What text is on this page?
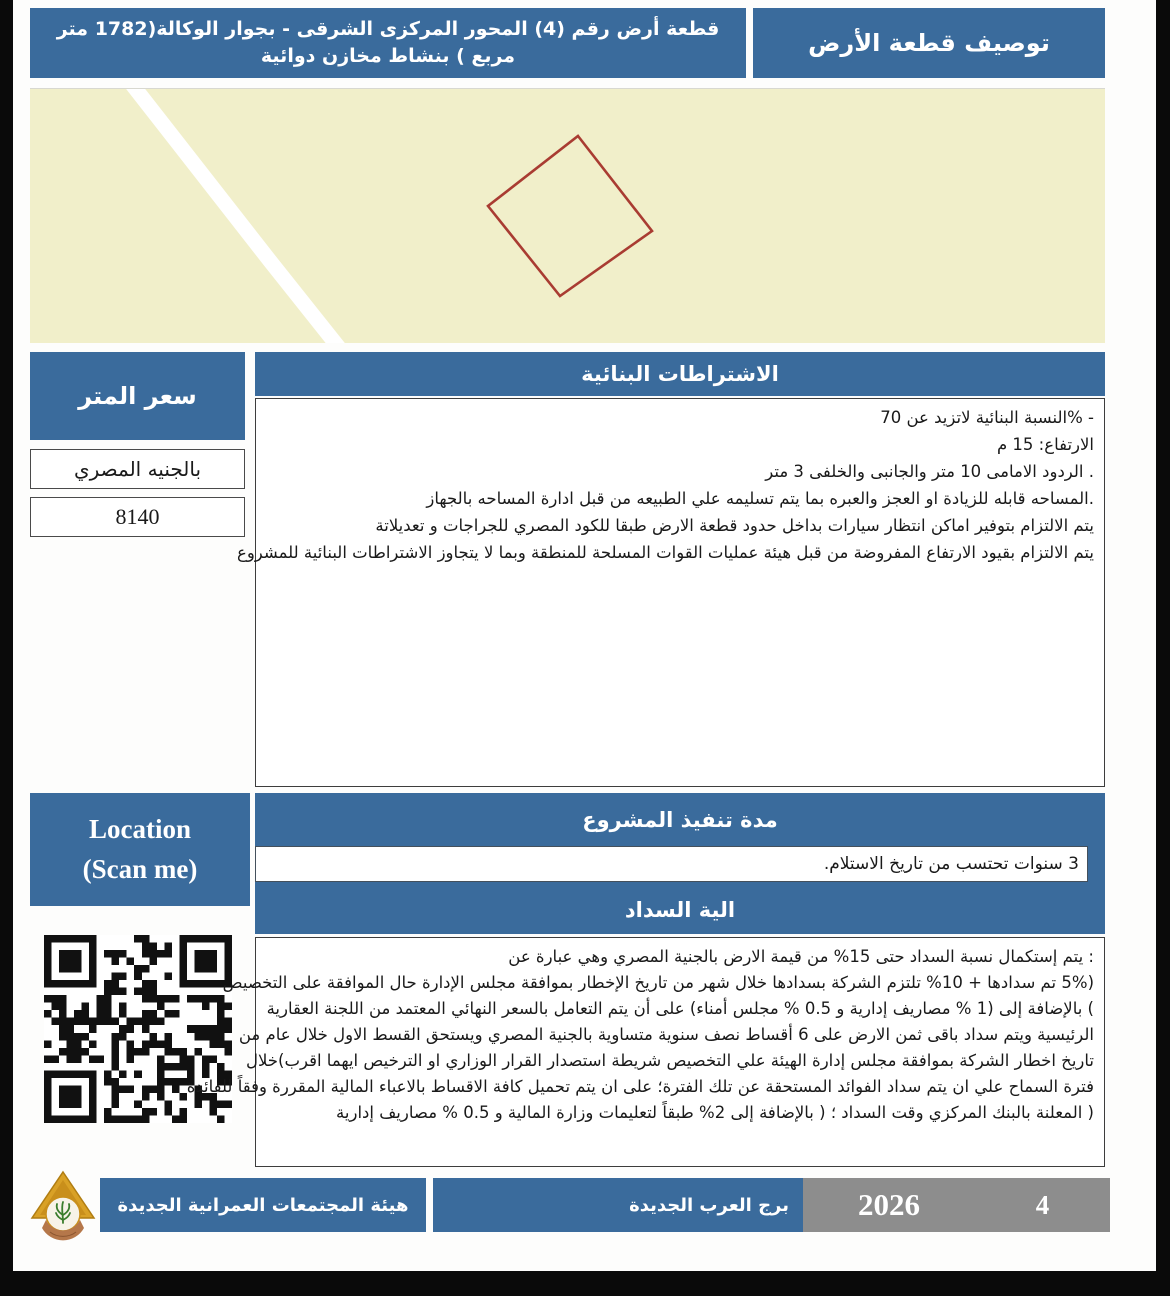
توصيف قطعة الأرض
قطعة أرض رقم (4) المحور المركزى الشرقى - بجوار الوكالة(1782 متر مربع ) بنشاط مخازن دوائية
سعر المتر
بالجنيه المصري
8140
الاشتراطات البنائية
- %النسبة البنائية لاتزيد عن 70
الارتفاع: 15 م
. الردود الامامى 10 متر والجانبى والخلفى 3 متر
.المساحه قابله للزيادة او العجز والعبره بما يتم تسليمه علي الطبيعه من قبل ادارة المساحه بالجهاز
يتم الالتزام بتوفير اماكن انتظار سيارات بداخل حدود قطعة الارض طبقا للكود المصري للجراجات و تعديلاتة
يتم الالتزام بقيود الارتفاع المفروضة من قبل هيئة عمليات القوات المسلحة للمنطقة وبما لا يتجاوز الاشتراطات البنائية للمشروع
Location
(Scan me)
مدة تنفيذ المشروع
3 سنوات تحتسب من تاريخ الاستلام.
الية السداد
: يتم إستكمال نسبة السداد حتى 15% من قيمة الارض بالجنية المصري وهي عبارة عن
(5% تم سدادها + 10% تلتزم الشركة بسدادها خلال شهر من تاريخ الإخطار بموافقة مجلس الإدارة حال الموافقة على التخصيص
) بالإضافة إلى (1 % مصاريف إدارية و 0.5 % مجلس أمناء) على أن يتم التعامل بالسعر النهائي المعتمد من اللجنة العقارية
الرئيسية ويتم سداد باقى ثمن الارض على 6 أقساط نصف سنوية متساوية بالجنية المصري ويستحق القسط الاول خلال عام من
تاريخ اخطار الشركة بموافقة مجلس إدارة الهيئة علي التخصيص شريطة استصدار القرار الوزاري او الترخيص ايهما اقرب)خلال
فترة السماح علي ان يتم سداد الفوائد المستحقة عن تلك الفترة؛ على ان يتم تحميل كافة الاقساط بالاعباء المالية المقررة وفقاً للفائدة
( المعلنة بالبنك المركزي وقت السداد ؛ ( بالإضافة إلى 2% طبقاً لتعليمات وزارة المالية و 0.5 % مصاريف إدارية
هيئة المجتمعات العمرانية الجديدة	برج العرب الجديدة	2026	4
